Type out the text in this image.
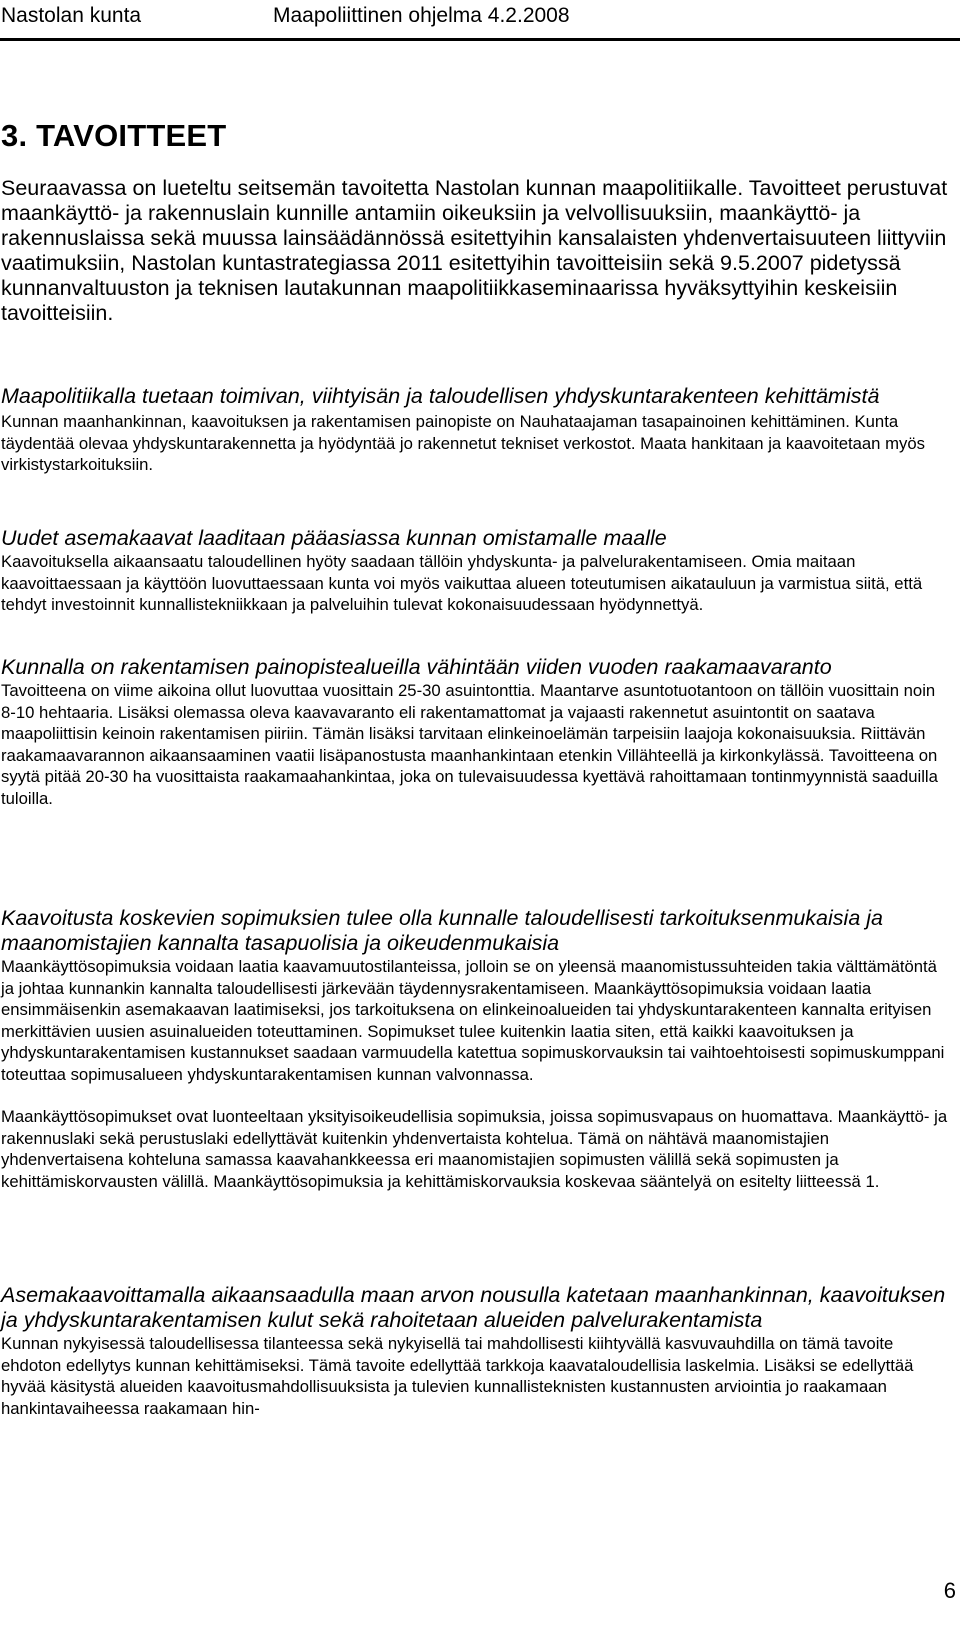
Nastolan kunta	Maapoliittinen ohjelma 4.2.2008
3. TAVOITTEET

Seuraavassa on lueteltu seitsemän tavoitetta Nastolan kunnan maapolitiikalle. Tavoitteet perustuvat maankäyttö- ja rakennuslain kunnille antamiin oikeuksiin ja velvollisuuksiin, maankäyttö- ja rakennuslaissa sekä muussa lainsäädännössä esitettyihin kansalaisten yhdenvertaisuuteen liittyviin vaatimuksiin, Nastolan kuntastrategiassa 2011 esitettyihin tavoitteisiin sekä 9.5.2007 pidetyssä kunnanvaltuuston ja teknisen lautakunnan maapolitiikkaseminaarissa hyväksyttyihin keskeisiin tavoitteisiin.

Maapolitiikalla tuetaan toimivan, viihtyisän ja taloudellisen yhdyskuntarakenteen kehittämistä

Kunnan maanhankinnan, kaavoituksen ja rakentamisen painopiste on Nauhataajaman tasapainoinen kehittäminen. Kunta täydentää olevaa yhdyskuntarakennetta ja hyödyntää jo rakennetut tekniset verkostot. Maata hankitaan ja kaavoitetaan myös virkistystarkoituksiin.

Uudet asemakaavat laaditaan pääasiassa kunnan omistamalle maalle

Kaavoituksella aikaansaatu taloudellinen hyöty saadaan tällöin yhdyskunta- ja palvelurakentamiseen. Omia maitaan kaavoittaessaan ja käyttöön luovuttaessaan kunta voi myös vaikuttaa alueen toteutumisen aikatauluun ja varmistua siitä, että tehdyt investoinnit kunnallistekniikkaan ja palveluihin tulevat kokonaisuudessaan hyödynnettyä.

Kunnalla on rakentamisen painopistealueilla vähintään viiden vuoden raakamaavaranto

Tavoitteena on viime aikoina ollut luovuttaa vuosittain 25-30 asuintonttia. Maantarve asuntotuotantoon on tällöin vuosittain noin 8-10 hehtaaria. Lisäksi olemassa oleva kaavavaranto eli rakentamattomat ja vajaasti rakennetut asuintontit on saatava maapoliittisin keinoin rakentamisen piiriin. Tämän lisäksi tarvitaan elinkeinoelämän tarpeisiin laajoja kokonaisuuksia. Riittävän raakamaavarannon aikaansaaminen vaatii lisäpanostusta maanhankintaan etenkin Villähteellä ja kirkonkylässä. Tavoitteena on syytä pitää 20-30 ha vuosittaista raakamaahankintaa, joka on tulevaisuudessa kyettävä rahoittamaan tontinmyynnistä saaduilla tuloilla.

Kaavoitusta koskevien sopimuksien tulee olla kunnalle taloudellisesti tarkoituksenmukaisia ja maanomistajien kannalta tasapuolisia ja oikeudenmukaisia

Maankäyttösopimuksia voidaan laatia kaavamuutostilanteissa, jolloin se on yleensä maanomistussuhteiden takia välttämätöntä ja johtaa kunnankin kannalta taloudellisesti järkevään täydennysrakentamiseen. Maankäyttösopimuksia voidaan laatia ensimmäisenkin asemakaavan laatimiseksi, jos tarkoituksena on elinkeinoalueiden tai yhdyskuntarakenteen kannalta erityisen merkittävien uusien asuinalueiden toteuttaminen. Sopimukset tulee kuitenkin laatia siten, että kaikki kaavoituksen ja yhdyskuntarakentamisen kustannukset saadaan varmuudella katettua sopimuskorvauksin tai vaihtoehtoisesti sopimuskumppani toteuttaa sopimusalueen yhdyskuntarakentamisen kunnan valvonnassa.

Maankäyttösopimukset ovat luonteeltaan yksityisoikeudellisia sopimuksia, joissa sopimusvapaus on huomattava. Maankäyttö- ja rakennuslaki sekä perustuslaki edellyttävät kuitenkin yhdenvertaista kohtelua. Tämä on nähtävä maanomistajien yhdenvertaisena kohteluna samassa kaavahankkeessa eri maanomistajien sopimusten välillä sekä sopimusten ja kehittämiskorvausten välillä. Maankäyttösopimuksia ja kehittämiskorvauksia koskevaa sääntelyä on esitelty liitteessä 1.

Asemakaavoittamalla aikaansaadulla maan arvon nousulla katetaan maanhankinnan, kaavoituksen ja yhdyskuntarakentamisen kulut sekä rahoitetaan alueiden palvelurakentamista

Kunnan nykyisessä taloudellisessa tilanteessa sekä nykyisellä tai mahdollisesti kiihtyvällä kasvuvauhdilla on tämä tavoite ehdoton edellytys kunnan kehittämiseksi. Tämä tavoite edellyttää tarkkoja kaavataloudellisia laskelmia. Lisäksi se edellyttää hyvää käsitystä alueiden kaavoitusmahdollisuuksista ja tulevien kunnallisteknisten kustannusten arviointia jo raakamaan hankintavaiheessa raakamaan hin-

6
